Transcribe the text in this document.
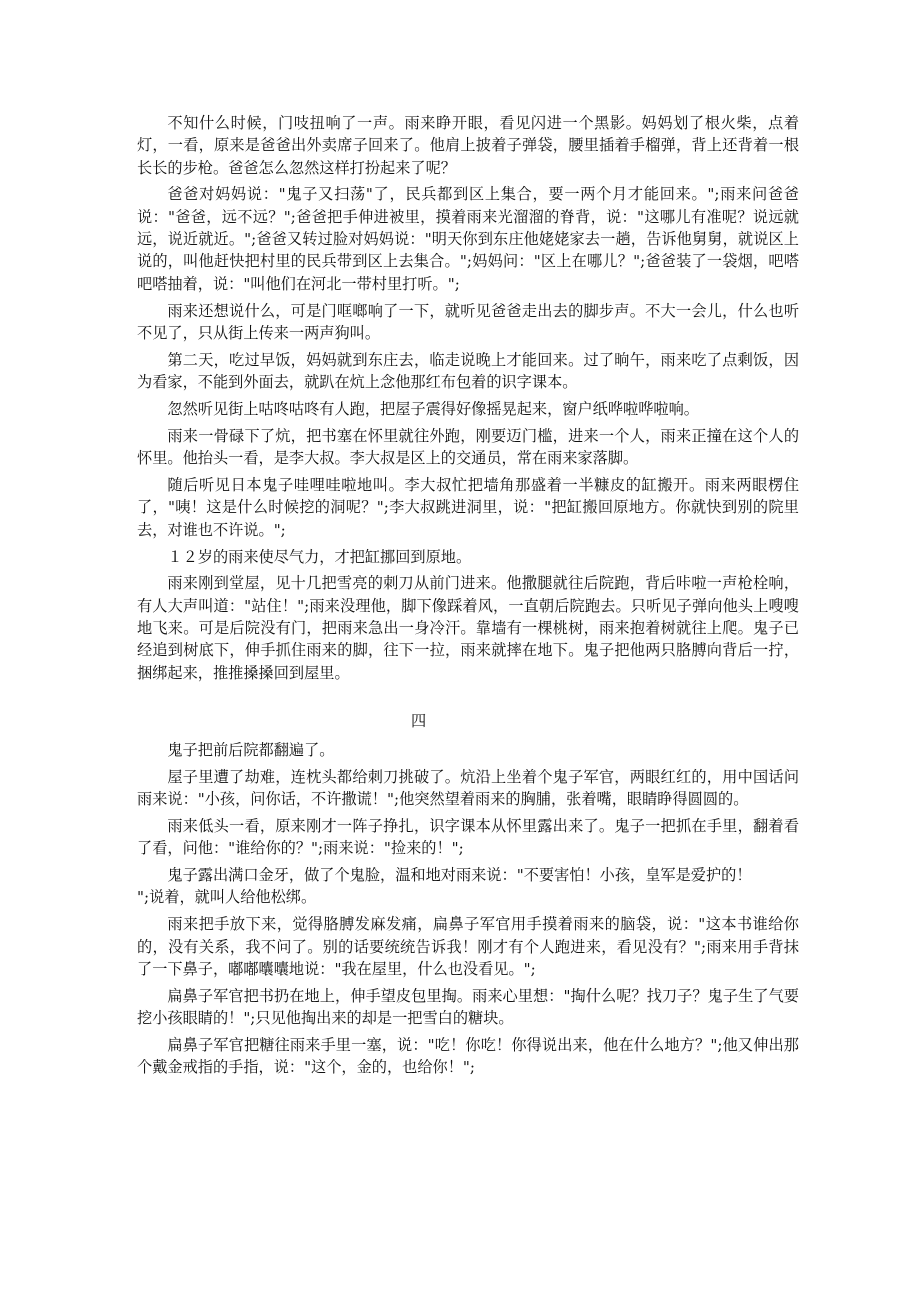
不知什么时候，门吱扭响了一声。雨来睁开眼，看见闪进一个黑影。妈妈划了根火柴，点着灯，一看，原来是爸爸出外卖席子回来了。他肩上披着子弹袋，腰里插着手榴弹，背上还背着一根长长的步枪。爸爸怎么忽然这样打扮起来了呢？

爸爸对妈妈说："鬼子又扫荡"了，民兵都到区上集合，要一两个月才能回来。";雨来问爸爸说："爸爸，远不远？";爸爸把手伸进被里，摸着雨来光溜溜的脊背，说："这哪儿有准呢？说远就远，说近就近。";爸爸又转过脸对妈妈说："明天你到东庄他姥姥家去一趟，告诉他舅舅，就说区上说的，叫他赶快把村里的民兵带到区上去集合。";妈妈问："区上在哪儿？";爸爸装了一袋烟，吧嗒吧嗒抽着，说："叫他们在河北一带村里打听。";

雨来还想说什么，可是门哐啷响了一下，就听见爸爸走出去的脚步声。不大一会儿，什么也听不见了，只从街上传来一两声狗叫。

第二天，吃过早饭，妈妈就到东庄去，临走说晚上才能回来。过了晌午，雨来吃了点剩饭，因为看家，不能到外面去，就趴在炕上念他那红布包着的识字课本。

忽然听见街上咕咚咕咚有人跑，把屋子震得好像摇晃起来，窗户纸哗啦哗啦响。

雨来一骨碌下了炕，把书塞在怀里就往外跑，刚要迈门槛，进来一个人，雨来正撞在这个人的怀里。他抬头一看，是李大叔。李大叔是区上的交通员，常在雨来家落脚。

随后听见日本鬼子哇哩哇啦地叫。李大叔忙把墙角那盛着一半糠皮的缸搬开。雨来两眼楞住了，"咦！这是什么时候挖的洞呢？";李大叔跳进洞里，说："把缸搬回原地方。你就快到别的院里去，对谁也不许说。";

１２岁的雨来使尽气力，才把缸挪回到原地。

雨来刚到堂屋，见十几把雪亮的刺刀从前门进来。他撒腿就往后院跑，背后咔啦一声枪栓响，有人大声叫道："站住！";雨来没理他，脚下像踩着风，一直朝后院跑去。只听见子弹向他头上嗖嗖地飞来。可是后院没有门，把雨来急出一身冷汗。靠墙有一棵桃树，雨来抱着树就往上爬。鬼子已经追到树底下，伸手抓住雨来的脚，往下一拉，雨来就摔在地下。鬼子把他两只胳膊向背后一拧，捆绑起来，推推搡搡回到屋里。

四

鬼子把前后院都翻遍了。

屋子里遭了劫难，连枕头都给刺刀挑破了。炕沿上坐着个鬼子军官，两眼红红的，用中国话问雨来说："小孩，问你话，不许撒谎！";他突然望着雨来的胸脯，张着嘴，眼睛睁得圆圆的。

雨来低头一看，原来刚才一阵子挣扎，识字课本从怀里露出来了。鬼子一把抓在手里，翻着看了看，问他："谁给你的？";雨来说："捡来的！";

鬼子露出满口金牙，做了个鬼脸，温和地对雨来说："不要害怕！小孩，皇军是爱护的！

";说着，就叫人给他松绑。

雨来把手放下来，觉得胳膊发麻发痛，扁鼻子军官用手摸着雨来的脑袋，说："这本书谁给你的，没有关系，我不问了。别的话要统统告诉我！刚才有个人跑进来，看见没有？";雨来用手背抹了一下鼻子，嘟嘟囔囔地说："我在屋里，什么也没看见。";

扁鼻子军官把书扔在地上，伸手望皮包里掏。雨来心里想："掏什么呢？找刀子？鬼子生了气要挖小孩眼睛的！";只见他掏出来的却是一把雪白的糖块。

扁鼻子军官把糖往雨来手里一塞，说："吃！你吃！你得说出来，他在什么地方？";他又伸出那个戴金戒指的手指，说："这个，金的，也给你！";
